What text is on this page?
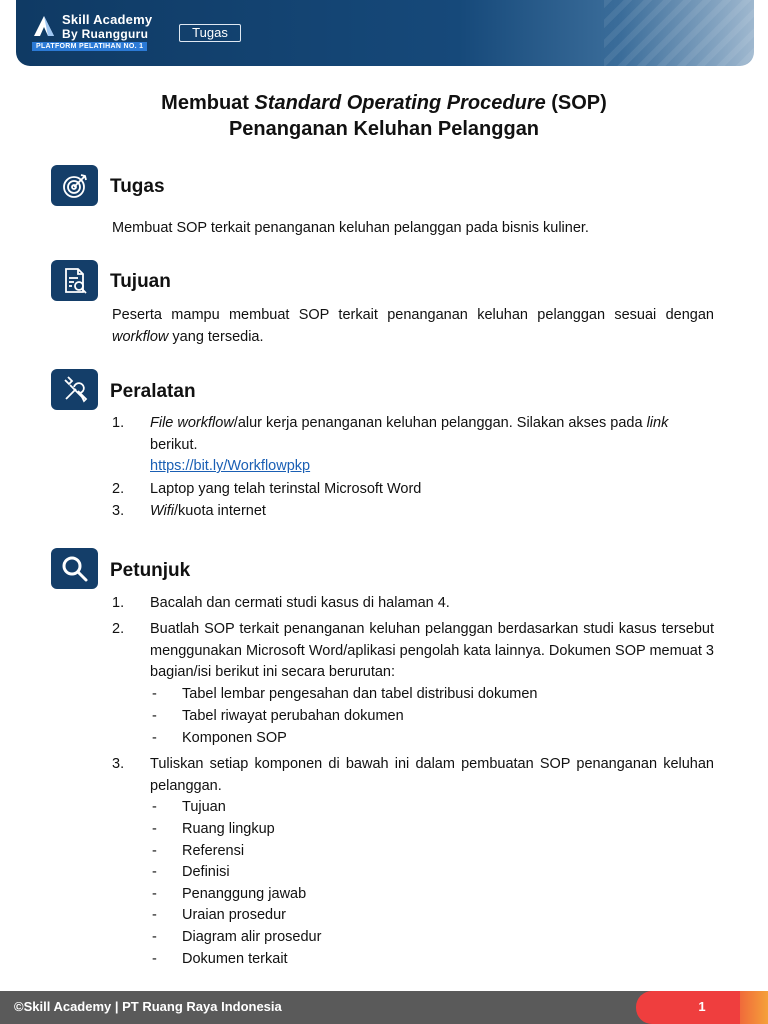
Skill Academy
By Ruangguru
PLATFORM PELATIHAN NO. 1
Tugas
Membuat Standard Operating Procedure (SOP)
Penanganan Keluhan Pelanggan
Tugas
Membuat SOP terkait penanganan keluhan pelanggan pada bisnis kuliner.
Tujuan
Peserta mampu membuat SOP terkait penanganan keluhan pelanggan sesuai dengan workflow yang tersedia.
Peralatan
1. File workflow/alur kerja penanganan keluhan pelanggan. Silakan akses pada link berikut.
https://bit.ly/Workflowpkp
2. Laptop yang telah terinstal Microsoft Word
3. Wifi/kuota internet
Petunjuk
1. Bacalah dan cermati studi kasus di halaman 4.
2. Buatlah SOP terkait penanganan keluhan pelanggan berdasarkan studi kasus tersebut menggunakan Microsoft Word/aplikasi pengolah kata lainnya. Dokumen SOP memuat 3 bagian/isi berikut ini secara berurutan:
- Tabel lembar pengesahan dan tabel distribusi dokumen
- Tabel riwayat perubahan dokumen
- Komponen SOP
3. Tuliskan setiap komponen di bawah ini dalam pembuatan SOP penanganan keluhan pelanggan.
- Tujuan
- Ruang lingkup
- Referensi
- Definisi
- Penanggung jawab
- Uraian prosedur
- Diagram alir prosedur
- Dokumen terkait
©Skill Academy | PT Ruang Raya Indonesia	1
